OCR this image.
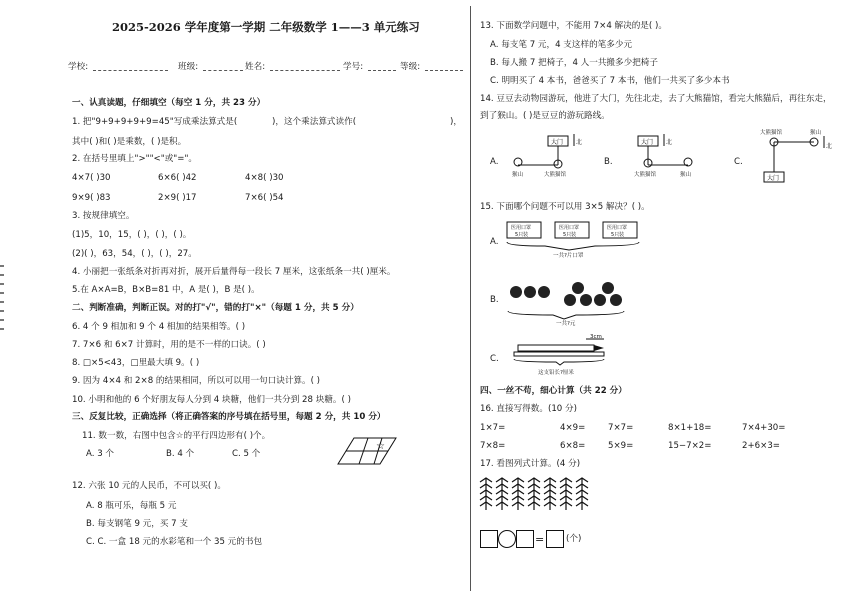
2025-2026 学年度第一学期 二年级数学 1——3 单元练习
学校:	班级:	姓名:	学号:	等级:
一、认真读题，仔细填空（每空 1 分，共 23 分）
1. 把"9+9+9+9+9=45"写成乘法算式是(	)，这个乘法算式读作(	)，
其中( )和( )是乘数，( )是积。
2. 在括号里填上">""<"或"="。
4×7( )30	6×6( )42	4×8( )30
9×9( )83	2×9( )17	7×6( )54
3. 按规律填空。
(1)5，10，15，( )，( )，( )。
(2)( )，63，54，( )，( )，27。
4. 小丽把一张纸条对折再对折，展开后量得每一段长 7 厘米，这张纸条一共( )厘米。
5.在 A×A=B，B×B=81 中，A 是( )，B 是( )。
二、判断准确，判断正误。对的打"√"，错的打"×"（每题 1 分，共 5 分）
6. 4 个 9 相加和 9 个 4 相加的结果相等。( )
7. 7×6 和 6×7 计算时，用的是不一样的口诀。( )
8. □×5<43，□里最大填 9。( )
9. 因为 4×4 和 2×8 的结果相同，所以可以用一句口诀计算。( )
10. 小明和他的 6 个好朋友每人分到 4 块糖，他们一共分到 28 块糖。( )
三、反复比较，正确选择（将正确答案的序号填在括号里，每题 2 分，共 10 分）
11. 数一数，右图中包含☆的平行四边形有( )个。
A. 3 个	B. 4 个	C. 5 个
☆
12. 六张 10 元的人民币，不可以买( )。
A. 8 瓶可乐，每瓶 5 元
B. 每支钢笔 9 元，买 7 支
C. C. 一盒 18 元的水彩笔和一个 35 元的书包
13. 下面数学问题中，不能用 7×4 解决的是( )。
A. 每支笔 7 元，4 支这样的笔多少元
B. 每人搬 7 把椅子，4 人一共搬多少把椅子
C. 明明买了 4 本书，爸爸买了 7 本书，他们一共买了多少本书
14. 豆豆去动物园游玩，他进了大门，先往北走，去了大熊猫馆，看完大熊猫后，再往东走，
到了猴山。( )是豆豆的游玩路线。
A.	B.	C.
大门
猴山	大熊猫馆
北	大门
大熊猫馆	猴山
北
大熊猫馆	猴山
大门
北
15. 下面哪个问题不可以用 3×5 解决？( )。
A.
医用口罩
5只装
医用口罩
5只装
医用口罩
5只装
一共?片口罩
B.
一共?元
C.
3cm
这支铅长?厘米
四、一丝不苟，细心计算（共 22 分）
16. 直接写得数。(10 分)
1×7=	4×9=	7×7=	8×1+18=	7×4+30=
7×8=	6×8=	5×9=	15−7×2=	2+6×3=
17. 看图列式计算。(4 分)
=	(个)
